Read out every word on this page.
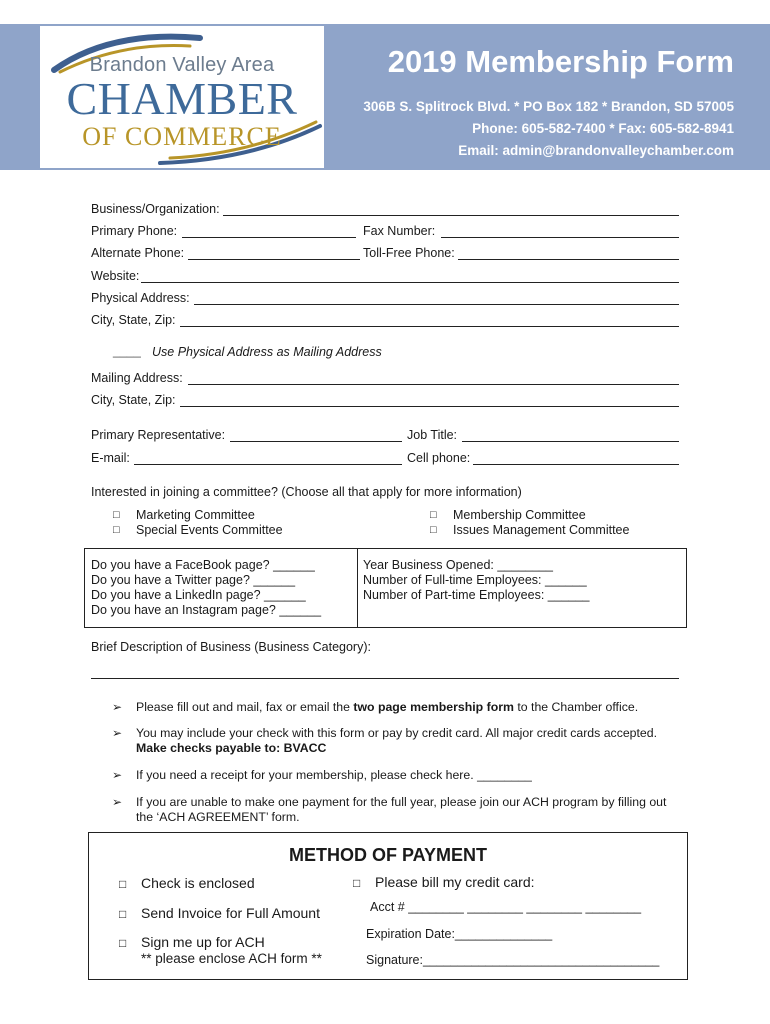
Brandon Valley Area
CHAMBER
OF COMMERCE
2019 Membership Form
306B S. Splitrock Blvd. * PO Box 182 * Brandon, SD 57005
Phone: 605-582-7400 * Fax: 605-582-8941
Email: admin@brandonvalleychamber.com
Business/Organization:
Primary Phone:	Fax Number:
Alternate Phone:	Toll-Free Phone:
Website:
Physical Address:
City, State, Zip:
____ Use Physical Address as Mailing Address
Mailing Address:
City, State, Zip:
Primary Representative:	Job Title:
E-mail:	Cell phone:
Interested in joining a committee? (Choose all that apply for more information)
□ Marketing Committee
□ Special Events Committee
□ Membership Committee
□ Issues Management Committee
Do you have a FaceBook page? ______
Do you have a Twitter page? ______
Do you have a LinkedIn page? ______
Do you have an Instagram page? ______
Year Business Opened: ________
Number of Full-time Employees: ______
Number of Part-time Employees: ______
Brief Description of Business (Business Category):
➢ Please fill out and mail, fax or email the two page membership form to the Chamber office.
➢ You may include your check with this form or pay by credit card. All major credit cards accepted.
Make checks payable to: BVACC
➢ If you need a receipt for your membership, please check here. ________
➢ If you are unable to make one payment for the full year, please join our ACH program by filling out the ‘ACH AGREEMENT’ form.
METHOD OF PAYMENT
□ Check is enclosed
□ Send Invoice for Full Amount
□ Sign me up for ACH
** please enclose ACH form **
□ Please bill my credit card:
Acct # ________ ________ ________ ________
Expiration Date:______________
Signature:__________________________________
